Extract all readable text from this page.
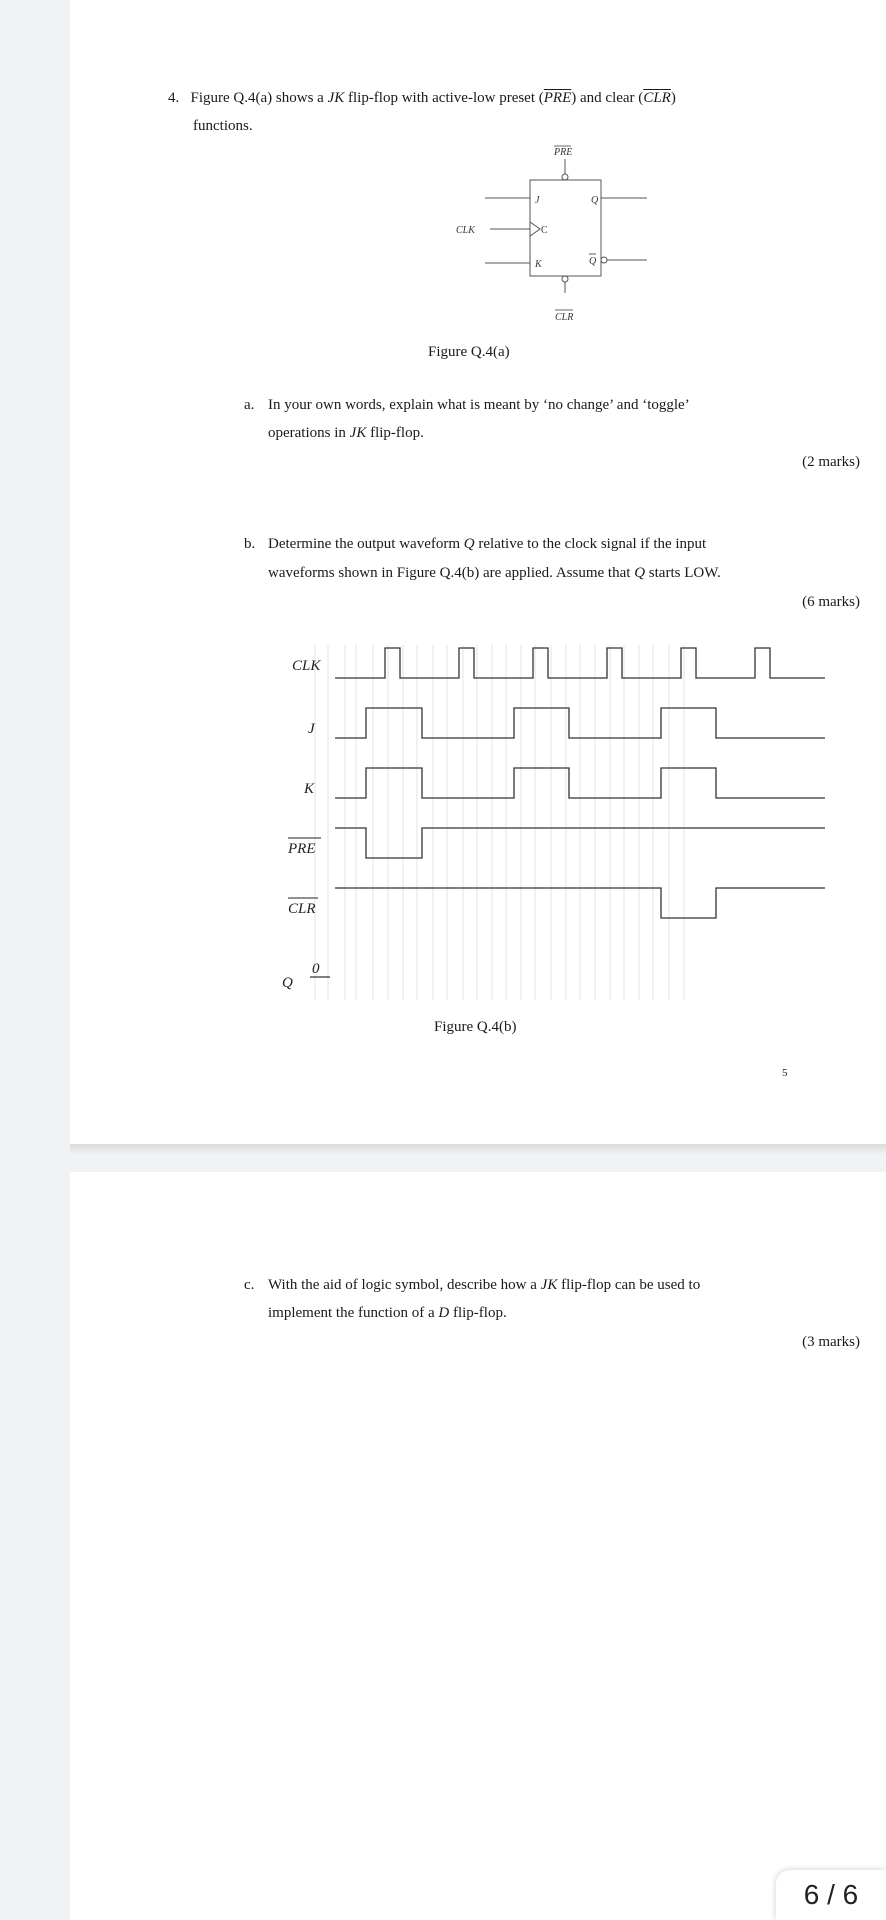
4. Figure Q.4(a) shows a JK flip-flop with active-low preset $(\overline{PRE})$ and clear $(\overline{CLR})$
functions.
PRE
J	Q
CLK	C
K	Q
CLR
Figure Q.4(a)
a. In your own words, explain what is meant by ‘no change’ and ‘toggle’
operations in JK flip-flop.
(2 marks)
b. Determine the output waveform Q relative to the clock signal if the input
waveforms shown in Figure Q.4(b) are applied. Assume that Q starts LOW.
(6 marks)
CLK
J
K
PRE
CLR
Q
0
Figure Q.4(b)
5
c. With the aid of logic symbol, describe how a JK flip-flop can be used to
implement the function of a D flip-flop.
(3 marks)
6 / 6
